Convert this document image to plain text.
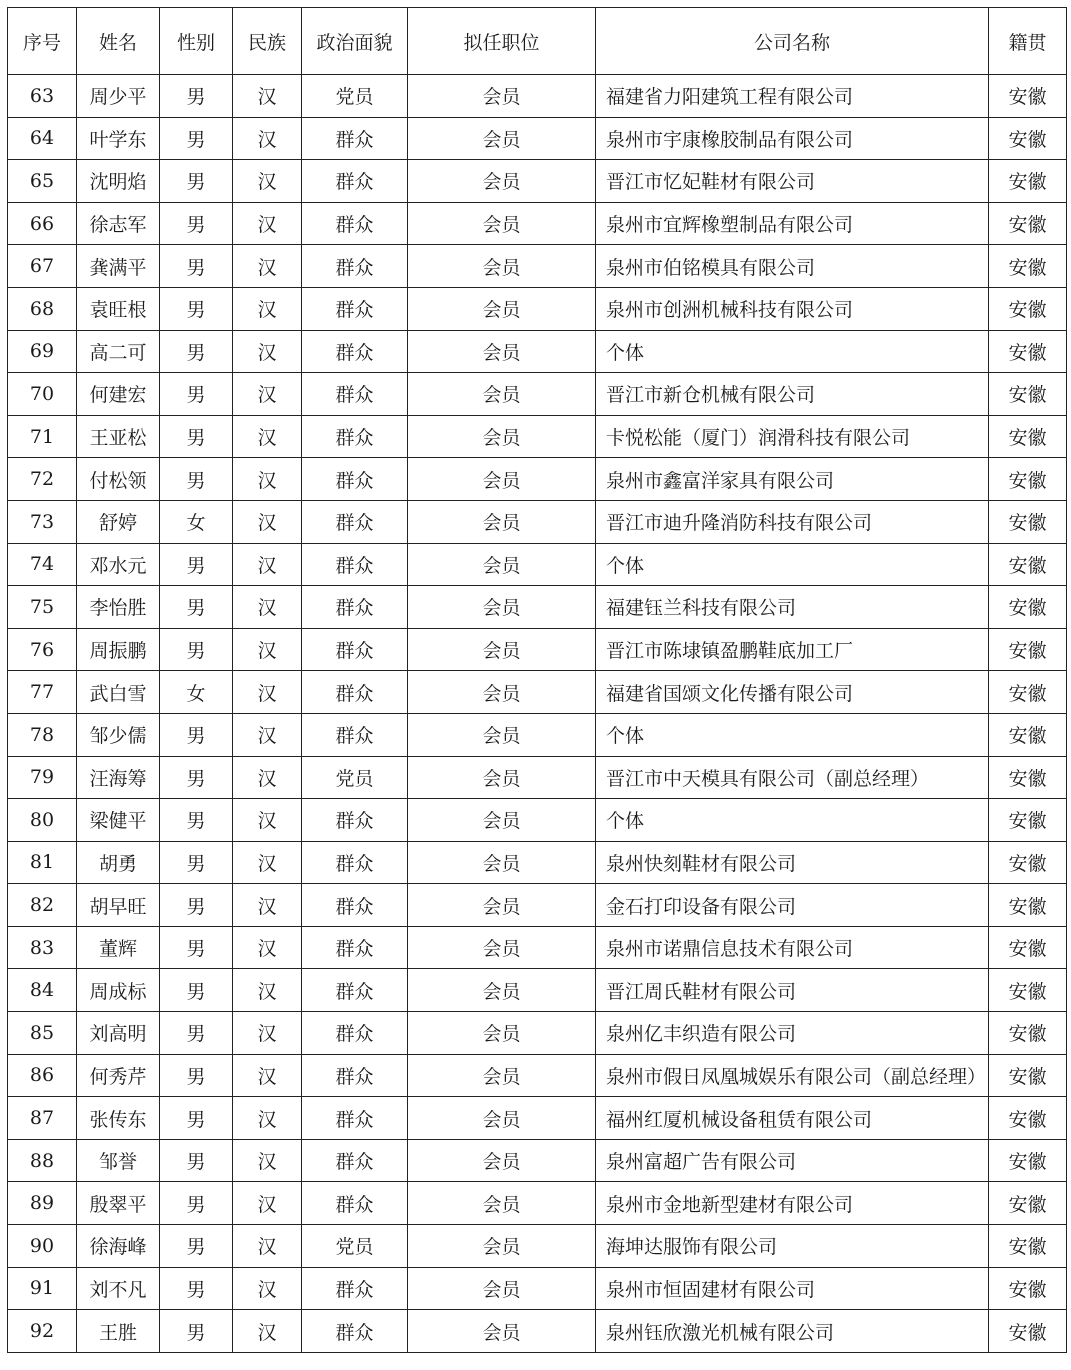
序号	姓名	性别	民族	政治面貌	拟任职位	公司名称	籍贯
63	周少平	男	汉	党员	会员	福建省力阳建筑工程有限公司	安徽
64	叶学东	男	汉	群众	会员	泉州市宇康橡胶制品有限公司	安徽
65	沈明焰	男	汉	群众	会员	晋江市忆妃鞋材有限公司	安徽
66	徐志军	男	汉	群众	会员	泉州市宜辉橡塑制品有限公司	安徽
67	龚满平	男	汉	群众	会员	泉州市伯铭模具有限公司	安徽
68	袁旺根	男	汉	群众	会员	泉州市创洲机械科技有限公司	安徽
69	高二可	男	汉	群众	会员	个体	安徽
70	何建宏	男	汉	群众	会员	晋江市新仓机械有限公司	安徽
71	王亚松	男	汉	群众	会员	卡悦松能（厦门）润滑科技有限公司	安徽
72	付松领	男	汉	群众	会员	泉州市鑫富洋家具有限公司	安徽
73	舒婷	女	汉	群众	会员	晋江市迪升隆消防科技有限公司	安徽
74	邓水元	男	汉	群众	会员	个体	安徽
75	李怡胜	男	汉	群众	会员	福建钰兰科技有限公司	安徽
76	周振鹏	男	汉	群众	会员	晋江市陈埭镇盈鹏鞋底加工厂	安徽
77	武白雪	女	汉	群众	会员	福建省国颂文化传播有限公司	安徽
78	邹少儒	男	汉	群众	会员	个体	安徽
79	汪海筹	男	汉	党员	会员	晋江市中天模具有限公司（副总经理）	安徽
80	梁健平	男	汉	群众	会员	个体	安徽
81	胡勇	男	汉	群众	会员	泉州快刻鞋材有限公司	安徽
82	胡早旺	男	汉	群众	会员	金石打印设备有限公司	安徽
83	董辉	男	汉	群众	会员	泉州市诺鼎信息技术有限公司	安徽
84	周成标	男	汉	群众	会员	晋江周氏鞋材有限公司	安徽
85	刘高明	男	汉	群众	会员	泉州亿丰织造有限公司	安徽
86	何秀芹	男	汉	群众	会员	泉州市假日凤凰城娱乐有限公司（副总经理）	安徽
87	张传东	男	汉	群众	会员	福州红厦机械设备租赁有限公司	安徽
88	邹誉	男	汉	群众	会员	泉州富超广告有限公司	安徽
89	殷翠平	男	汉	群众	会员	泉州市金地新型建材有限公司	安徽
90	徐海峰	男	汉	党员	会员	海坤达服饰有限公司	安徽
91	刘不凡	男	汉	群众	会员	泉州市恒固建材有限公司	安徽
92	王胜	男	汉	群众	会员	泉州钰欣激光机械有限公司	安徽
